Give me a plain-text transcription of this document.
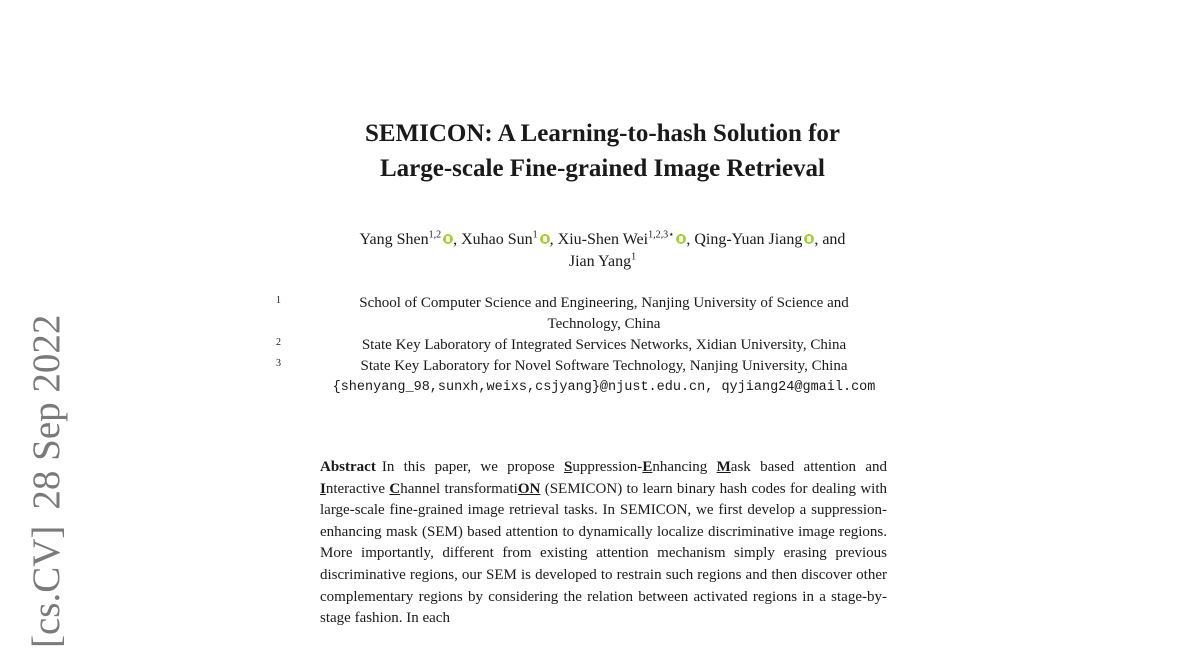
[cs.CV]28 Sep 2022
SEMICON: A Learning-to-hash Solution for
Large-scale Fine-grained Image Retrieval
Yang Shen$^{1,2}$ , Xuhao Sun$^1$ , Xiu-Shen Wei$^{1,2,3⋆}$ , Qing-Yuan Jiang , and
Jian Yang$^1$
1	School of Computer Science and Engineering, Nanjing University of Science and
Technology, China
2	State Key Laboratory of Integrated Services Networks, Xidian University, China
3	State Key Laboratory for Novel Software Technology, Nanjing University, China
{shenyang_98,sunxh,weixs,csjyang}@njust.edu.cn, qyjiang24@gmail.com
Abstract In this paper, we propose Suppression-Enhancing Mask based attention and Interactive Channel transformatiON (SEMICON) to learn binary hash codes for dealing with large-scale fine-grained image retrieval tasks. In SEMICON, we first develop a suppression-enhancing mask (SEM) based attention to dynamically localize discriminative image regions. More importantly, different from existing attention mechanism simply erasing previous discriminative regions, our SEM is developed to restrain such regions and then discover other complementary regions by considering the relation between activated regions in a stage-by-stage fashion. In each
